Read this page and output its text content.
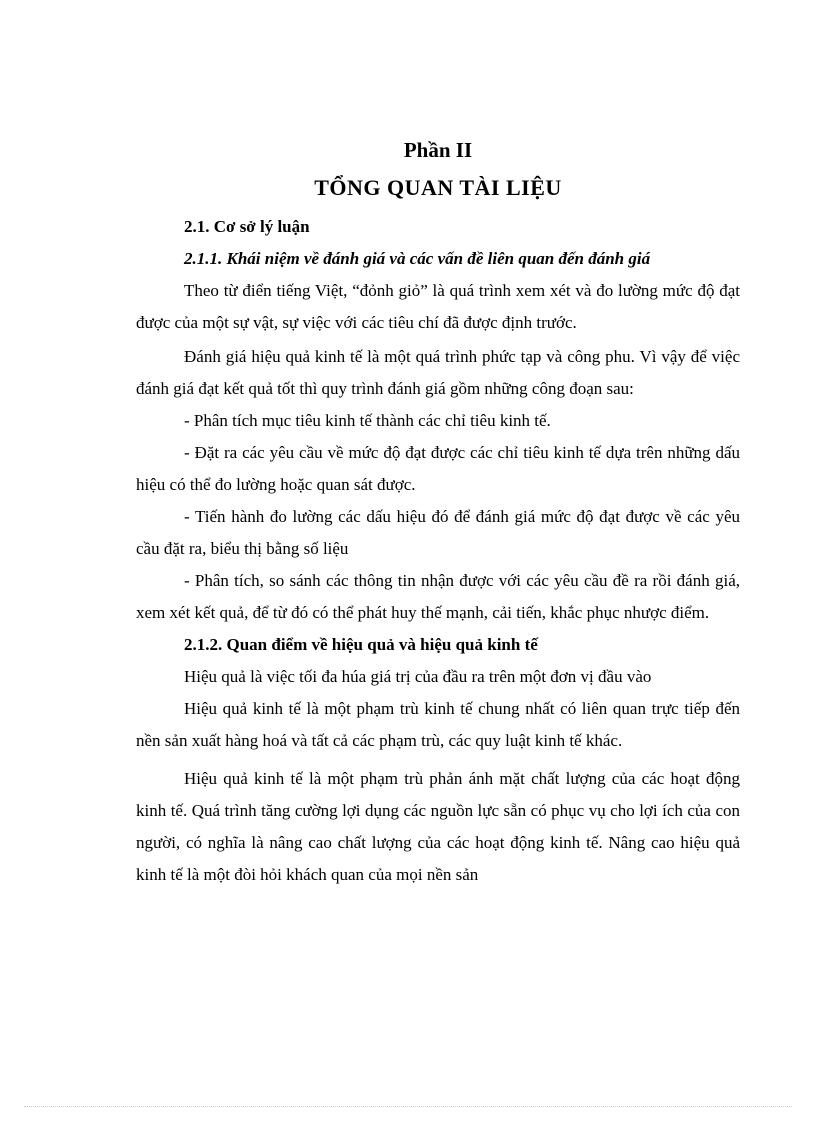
Phần II
TỔNG QUAN TÀI LIỆU

2.1. Cơ sở lý luận

2.1.1. Khái niệm về đánh giá và các vấn đề liên quan đến đánh giá

Theo từ điển tiếng Việt, “đỏnh giỏ” là quá trình xem xét và đo lường mức độ đạt được của một sự vật, sự việc với các tiêu chí đã được định trước.

Đánh giá hiệu quả kinh tế là một quá trình phức tạp và công phu. Vì vậy để việc đánh giá đạt kết quả tốt thì quy trình đánh giá gồm những công đoạn sau:

- Phân tích mục tiêu kinh tế thành các chỉ tiêu kinh tế.

- Đặt ra các yêu cầu về mức độ đạt được các chỉ tiêu kinh tế dựa trên những dấu hiệu có thể đo lường hoặc quan sát được.

- Tiến hành đo lường các dấu hiệu đó để đánh giá mức độ đạt được về các yêu cầu đặt ra, biểu thị bằng số liệu

- Phân tích, so sánh các thông tin nhận được với các yêu cầu đề ra rồi đánh giá, xem xét kết quả, để từ đó có thể phát huy thế mạnh, cải tiến, khắc phục nhược điểm.

2.1.2. Quan điểm về hiệu quả và hiệu quả kinh tế

Hiệu quả là việc tối đa húa giá trị của đầu ra trên một đơn vị đầu vào

Hiệu quả kinh tế là một phạm trù kinh tế chung nhất có liên quan trực tiếp đến nền sản xuất hàng hoá và tất cả các phạm trù, các quy luật kinh tế khác.

Hiệu quả kinh tế là một phạm trù phản ánh mặt chất lượng của các hoạt động kinh tế. Quá trình tăng cường lợi dụng các nguồn lực sẵn có phục vụ cho lợi ích của con người, có nghĩa là nâng cao chất lượng của các hoạt động kinh tế. Nâng cao hiệu quả kinh tế là một đòi hỏi khách quan của mọi nền sản
